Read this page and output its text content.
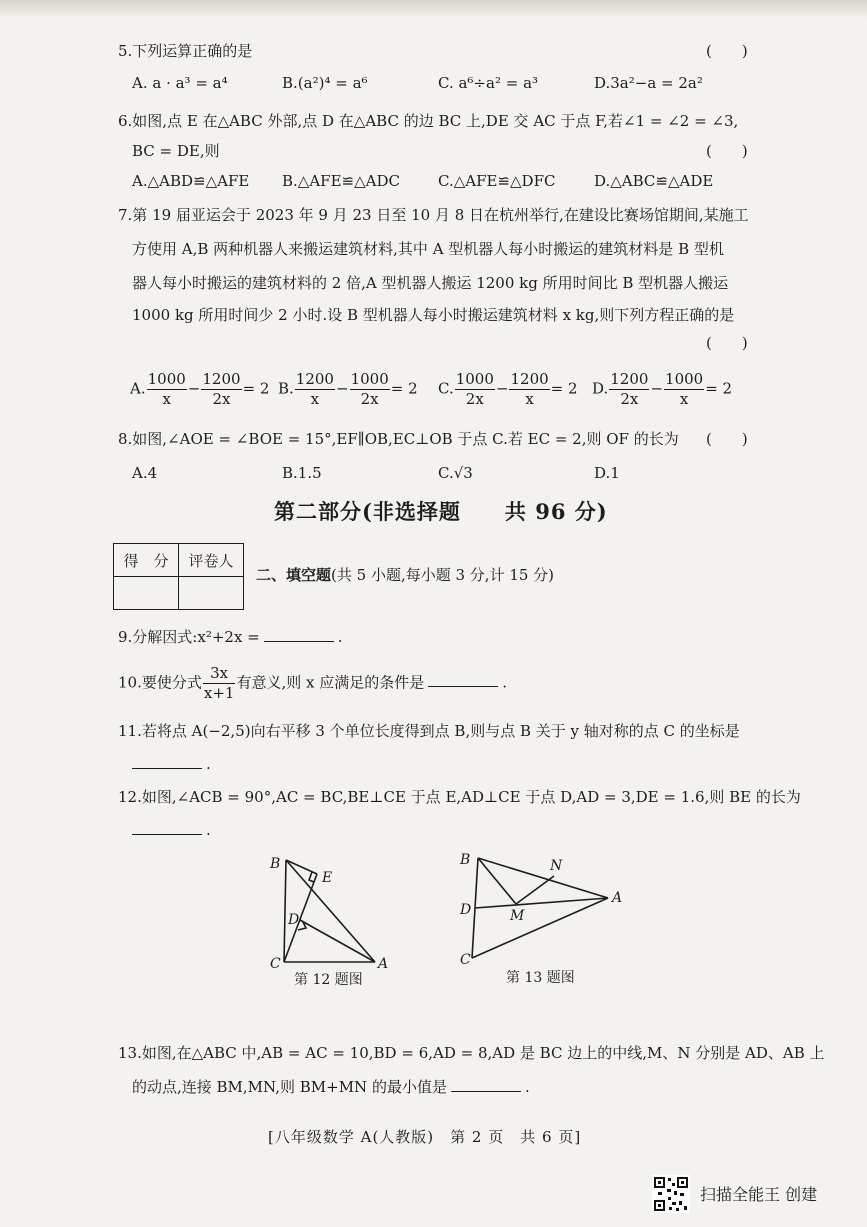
5.下列运算正确的是	(　　)
A. a · a³ = a⁴	B.(a²)⁴ = a⁶	C. a⁶÷a² = a³	D.3a²−a = 2a²
6.如图,点 E 在△ABC 外部,点 D 在△ABC 的边 BC 上,DE 交 AC 于点 F,若∠1 = ∠2 = ∠3,
BC = DE,则	(　　)
A.△ABD≌△AFE B.△AFE≌△ADC	C.△AFE≌△DFC	D.△ABC≌△ADE
7.第 19 届亚运会于 2023 年 9 月 23 日至 10 月 8 日在杭州举行,在建设比赛场馆期间,某施工
方使用 A,B 两种机器人来搬运建筑材料,其中 A 型机器人每小时搬运的建筑材料是 B 型机
器人每小时搬运的建筑材料的 2 倍,A 型机器人搬运 1200 kg 所用时间比 B 型机器人搬运
1000 kg 所用时间少 2 小时.设 B 型机器人每小时搬运建筑材料 x kg,则下列方程正确的是
(　　)
A. $\frac{1000}{x} - \frac{1200}{2x} = 2$ B. $\frac{1200}{x} - \frac{1000}{2x} = 2$ C. $\frac{1000}{2x} - \frac{1200}{x} = 2$ D. $\frac{1200}{2x} - \frac{1000}{x} = 2$
8.如图,∠AOE = ∠BOE = 15°,EF∥OB,EC⊥OB 于点 C.若 EC = 2,则 OF 的长为 (　　)
A.4	B.1.5	C.√3	D.1
第二部分(非选择题　　共 96 分)
得　分	评卷人

二、填空题(共 5 小题,每小题 3 分,计 15 分)
9.分解因式:x²+2x =	.
10.要使分式 $\frac{3x}{x+1}$ 有意义,则 x 应满足的条件是	.
11.若将点 A(−2,5)向右平移 3 个单位长度得到点 B,则与点 B 关于 y 轴对称的点 C 的坐标是
.
12.如图,∠ACB = 90°,AC = BC,BE⊥CE 于点 E,AD⊥CE 于点 D,AD = 3,DE = 1.6,则 BE 的长为
.
B
E
D
C	A
第 12 题图
B	N
D	M
A
C
第 13 题图
13.如图,在△ABC 中,AB = AC = 10,BD = 6,AD = 8,AD 是 BC 边上的中线,M、N 分别是 AD、AB 上
的动点,连接 BM,MN,则 BM+MN 的最小值是	.
[八年级数学 A(人教版)　第 2 页　共 6 页]
扫描全能王 创建
